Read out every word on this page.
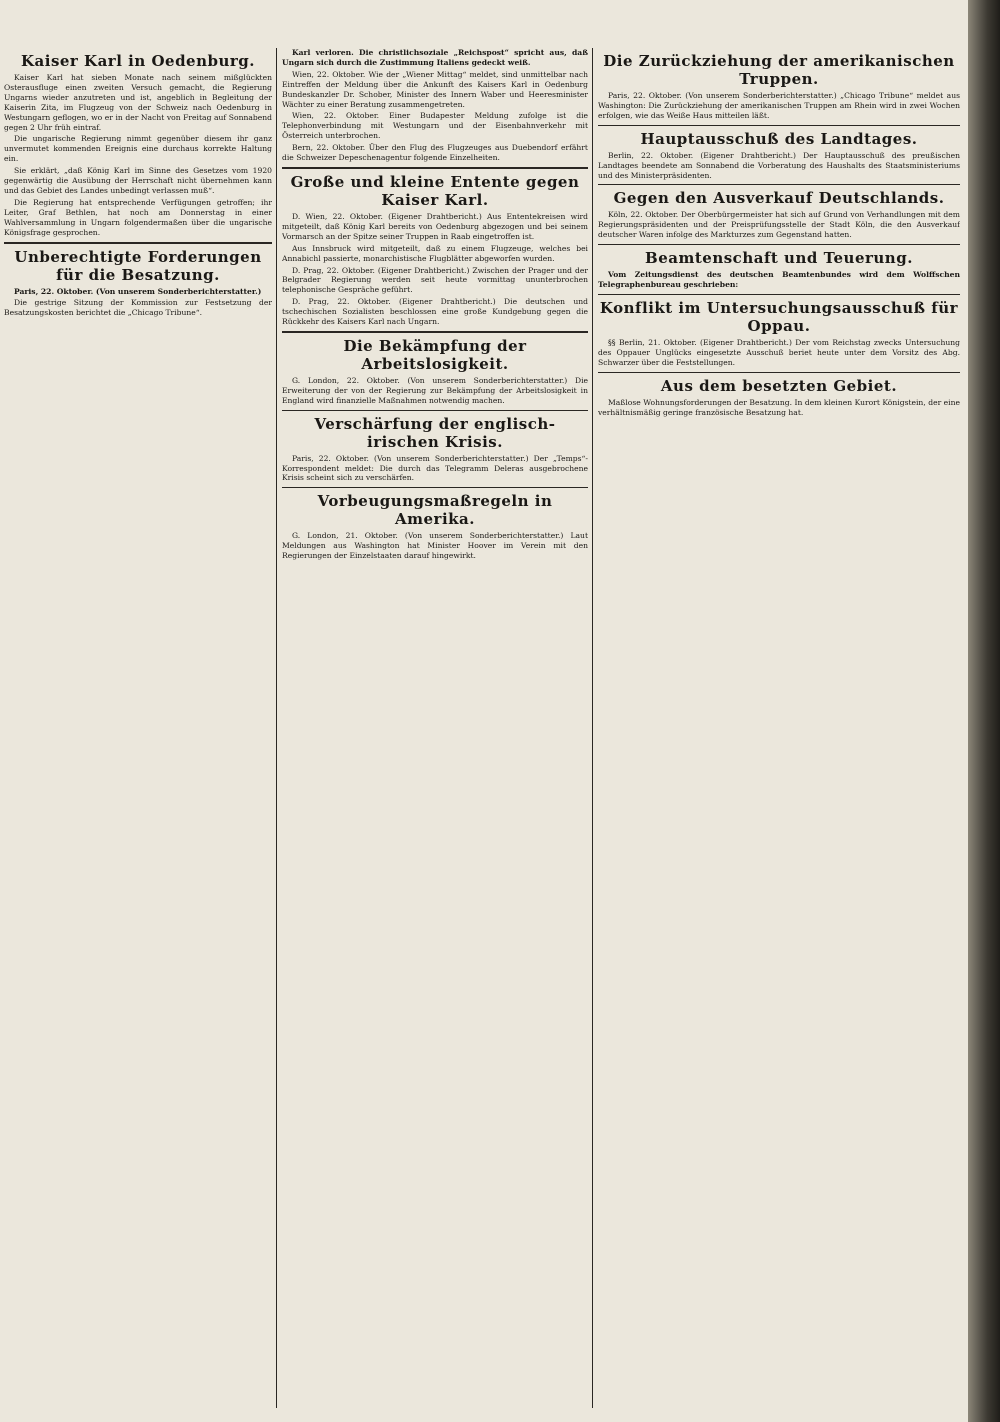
Kaiser Karl in Oedenburg.

Kaiser Karl hat sieben Monate nach seinem mißglückten Osterausfluge einen zweiten Versuch gemacht, die Regierung Ungarns wieder anzutreten und ist, angeblich in Begleitung der Kaiserin Zita, im Flugzeug von der Schweiz nach Oedenburg in Westungarn geflogen, wo er in der Nacht von Freitag auf Sonnabend gegen 2 Uhr früh eintraf.

Die ungarische Regierung nimmt gegenüber diesem ihr ganz unvermutet kommenden Ereignis eine durchaus korrekte Haltung ein.

Sie erklärt, „daß König Karl im Sinne des Gesetzes vom 1920 gegenwärtig die Ausübung der Herrschaft nicht übernehmen kann und das Gebiet des Landes unbedingt verlassen muß“.

Die Regierung hat entsprechende Verfügungen getroffen; ihr Leiter, Graf Bethlen, hat noch am Donnerstag in einer Wahlversammlung in Ungarn folgendermaßen über die ungarische Königsfrage gesprochen.

Unberechtigte Forderungen für die Besatzung.

Paris, 22. Oktober. (Von unserem Sonderberichterstatter.)

Die gestrige Sitzung der Kommission zur Festsetzung der Besatzungskosten berichtet die „Chicago Tribune“.

Karl verloren. Die christlichsoziale „Reichspost“ spricht aus, daß Ungarn sich durch die Zustimmung Italiens gedeckt weiß.

Wien, 22. Oktober. Wie der „Wiener Mittag“ meldet, sind unmittelbar nach Eintreffen der Meldung über die Ankunft des Kaisers Karl in Oedenburg Bundeskanzler Dr. Schober, Minister des Innern Waber und Heeresminister Wächter zu einer Beratung zusammengetreten.

Wien, 22. Oktober. Einer Budapester Meldung zufolge ist die Telephonverbindung mit Westungarn und der Eisenbahnverkehr mit Österreich unterbrochen.

Bern, 22. Oktober. Über den Flug des Flugzeuges aus Duebendorf erfährt die Schweizer Depeschenagentur folgende Einzelheiten.

Große und kleine Entente gegen Kaiser Karl.

D. Wien, 22. Oktober. (Eigener Drahtbericht.) Aus Ententekreisen wird mitgeteilt, daß König Karl bereits von Oedenburg abgezogen und bei seinem Vormarsch an der Spitze seiner Truppen in Raab eingetroffen ist.

Aus Innsbruck wird mitgeteilt, daß zu einem Flugzeuge, welches bei Annabichl passierte, monarchistische Flugblätter abgeworfen wurden.

D. Prag, 22. Oktober. (Eigener Drahtbericht.) Zwischen der Prager und der Belgrader Regierung werden seit heute vormittag ununterbrochen telephonische Gespräche geführt.

D. Prag, 22. Oktober. (Eigener Drahtbericht.) Die deutschen und tschechischen Sozialisten beschlossen eine große Kundgebung gegen die Rückkehr des Kaisers Karl nach Ungarn.

Die Bekämpfung der Arbeitslosigkeit.

G. London, 22. Oktober. (Von unserem Sonderberichterstatter.) Die Erweiterung der von der Regierung zur Bekämpfung der Arbeitslosigkeit in England wird finanzielle Maßnahmen notwendig machen.

Verschärfung der englisch-irischen Krisis.

Paris, 22. Oktober. (Von unserem Sonderberichterstatter.) Der „Temps“-Korrespondent meldet: Die durch das Telegramm Deleras ausgebrochene Krisis scheint sich zu verschärfen.

Vorbeugungsmaßregeln in Amerika.

G. London, 21. Oktober. (Von unserem Sonderberichterstatter.) Laut Meldungen aus Washington hat Minister Hoover im Verein mit den Regierungen der Einzelstaaten darauf hingewirkt.

Die Zurückziehung der amerikanischen Truppen.

Paris, 22. Oktober. (Von unserem Sonderberichterstatter.) „Chicago Tribune“ meldet aus Washington: Die Zurückziehung der amerikanischen Truppen am Rhein wird in zwei Wochen erfolgen, wie das Weiße Haus mitteilen läßt.

Hauptausschuß des Landtages.

Berlin, 22. Oktober. (Eigener Drahtbericht.) Der Hauptausschuß des preußischen Landtages beendete am Sonnabend die Vorberatung des Haushalts des Staatsministeriums und des Ministerpräsidenten.

Gegen den Ausverkauf Deutschlands.

Köln, 22. Oktober. Der Oberbürgermeister hat sich auf Grund von Verhandlungen mit dem Regierungspräsidenten und der Preisprüfungsstelle der Stadt Köln, die den Ausverkauf deutscher Waren infolge des Markturzes zum Gegenstand hatten.

Beamtenschaft und Teuerung.

Vom Zeitungsdienst des deutschen Beamtenbundes wird dem Wolffschen Telegraphenbureau geschrieben:

Konflikt im Untersuchungsausschuß für Oppau.

§§ Berlin, 21. Oktober. (Eigener Drahtbericht.) Der vom Reichstag zwecks Untersuchung des Oppauer Unglücks eingesetzte Ausschuß beriet heute unter dem Vorsitz des Abg. Schwarzer über die Feststellungen.

Aus dem besetzten Gebiet.

Maßlose Wohnungsforderungen der Besatzung. In dem kleinen Kurort Königstein, der eine verhältnismäßig geringe französische Besatzung hat.
